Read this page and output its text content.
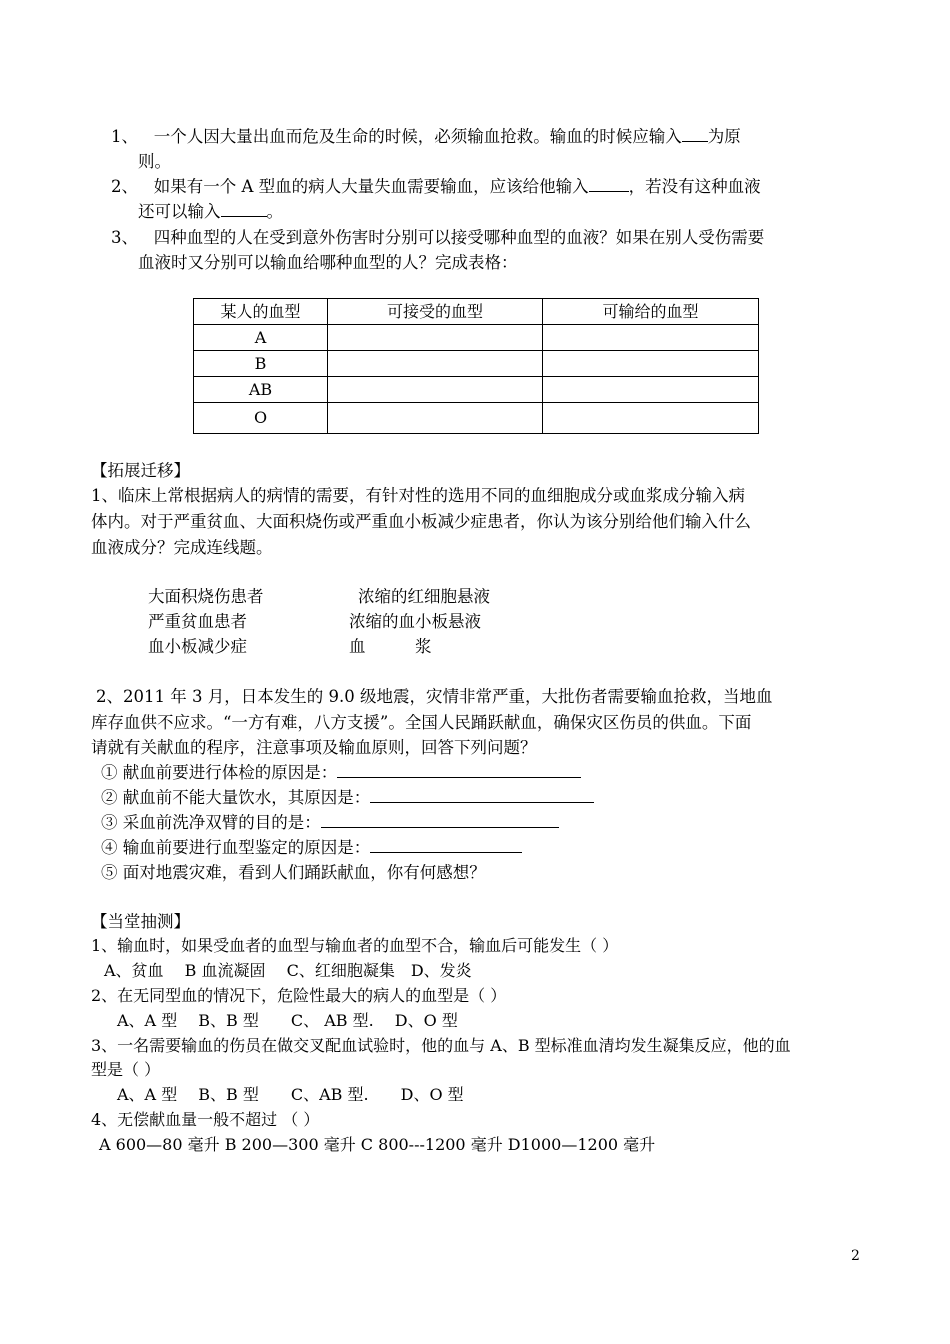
1、 一个人因大量出血而危及生命的时候，必须输血抢救。输血的时候应输入 为原
则。
2、 如果有一个 A 型血的病人大量失血需要输血，应该给他输入 ，若没有这种血液
还可以输入	。
3、 四种血型的人在受到意外伤害时分别可以接受哪种血型的血液？如果在别人受伤需要
血液时又分别可以输血给哪种血型的人？完成表格：
某人的血型	可接受的血型	可输给的血型
A		
B		
AB		
O		
【拓展迁移】
1、临床上常根据病人的病情的需要，有针对性的选用不同的血细胞成分或血浆成分输入病
体内。对于严重贫血、大面积烧伤或严重血小板减少症患者，你认为该分别给他们输入什么
血液成分？完成连线题。
大面积烧伤患者
严重贫血患者
血小板减少症
浓缩的红细胞悬液
浓缩的血小板悬液
血　　　浆
2、2011 年 3 月，日本发生的 9.0 级地震，灾情非常严重，大批伤者需要输血抢救，当地血
库存血供不应求。“一方有难，八方支援”。全国人民踊跃献血，确保灾区伤员的供血。下面
请就有关献血的程序，注意事项及输血原则，回答下列问题？
① 献血前要进行体检的原因是：
② 献血前不能大量饮水，其原因是：
③ 采血前洗净双臂的目的是：
④ 输血前要进行血型鉴定的原因是：
⑤ 面对地震灾难，看到人们踊跃献血，你有何感想？
【当堂抽测】
1、输血时，如果受血者的血型与输血者的血型不合，输血后可能发生（ ）
A、贫血  B 血流凝固  C、红细胞凝集 D、发炎
2、在无同型血的情况下，危险性最大的病人的血型是（ ）
A、A 型  B、B 型  C、 AB 型.  D、O 型
3、一名需要输血的伤员在做交叉配血试验时，他的血与 A、B 型标准血清均发生凝集反应，他的血
型是（ ）
A、A 型  B、B 型  C、AB 型.  D、O 型
4、无偿献血量一般不超过 （ ）
A 600—80 毫升 B 200—300 毫升 C 800---1200 毫升 D1000—1200 毫升
2
